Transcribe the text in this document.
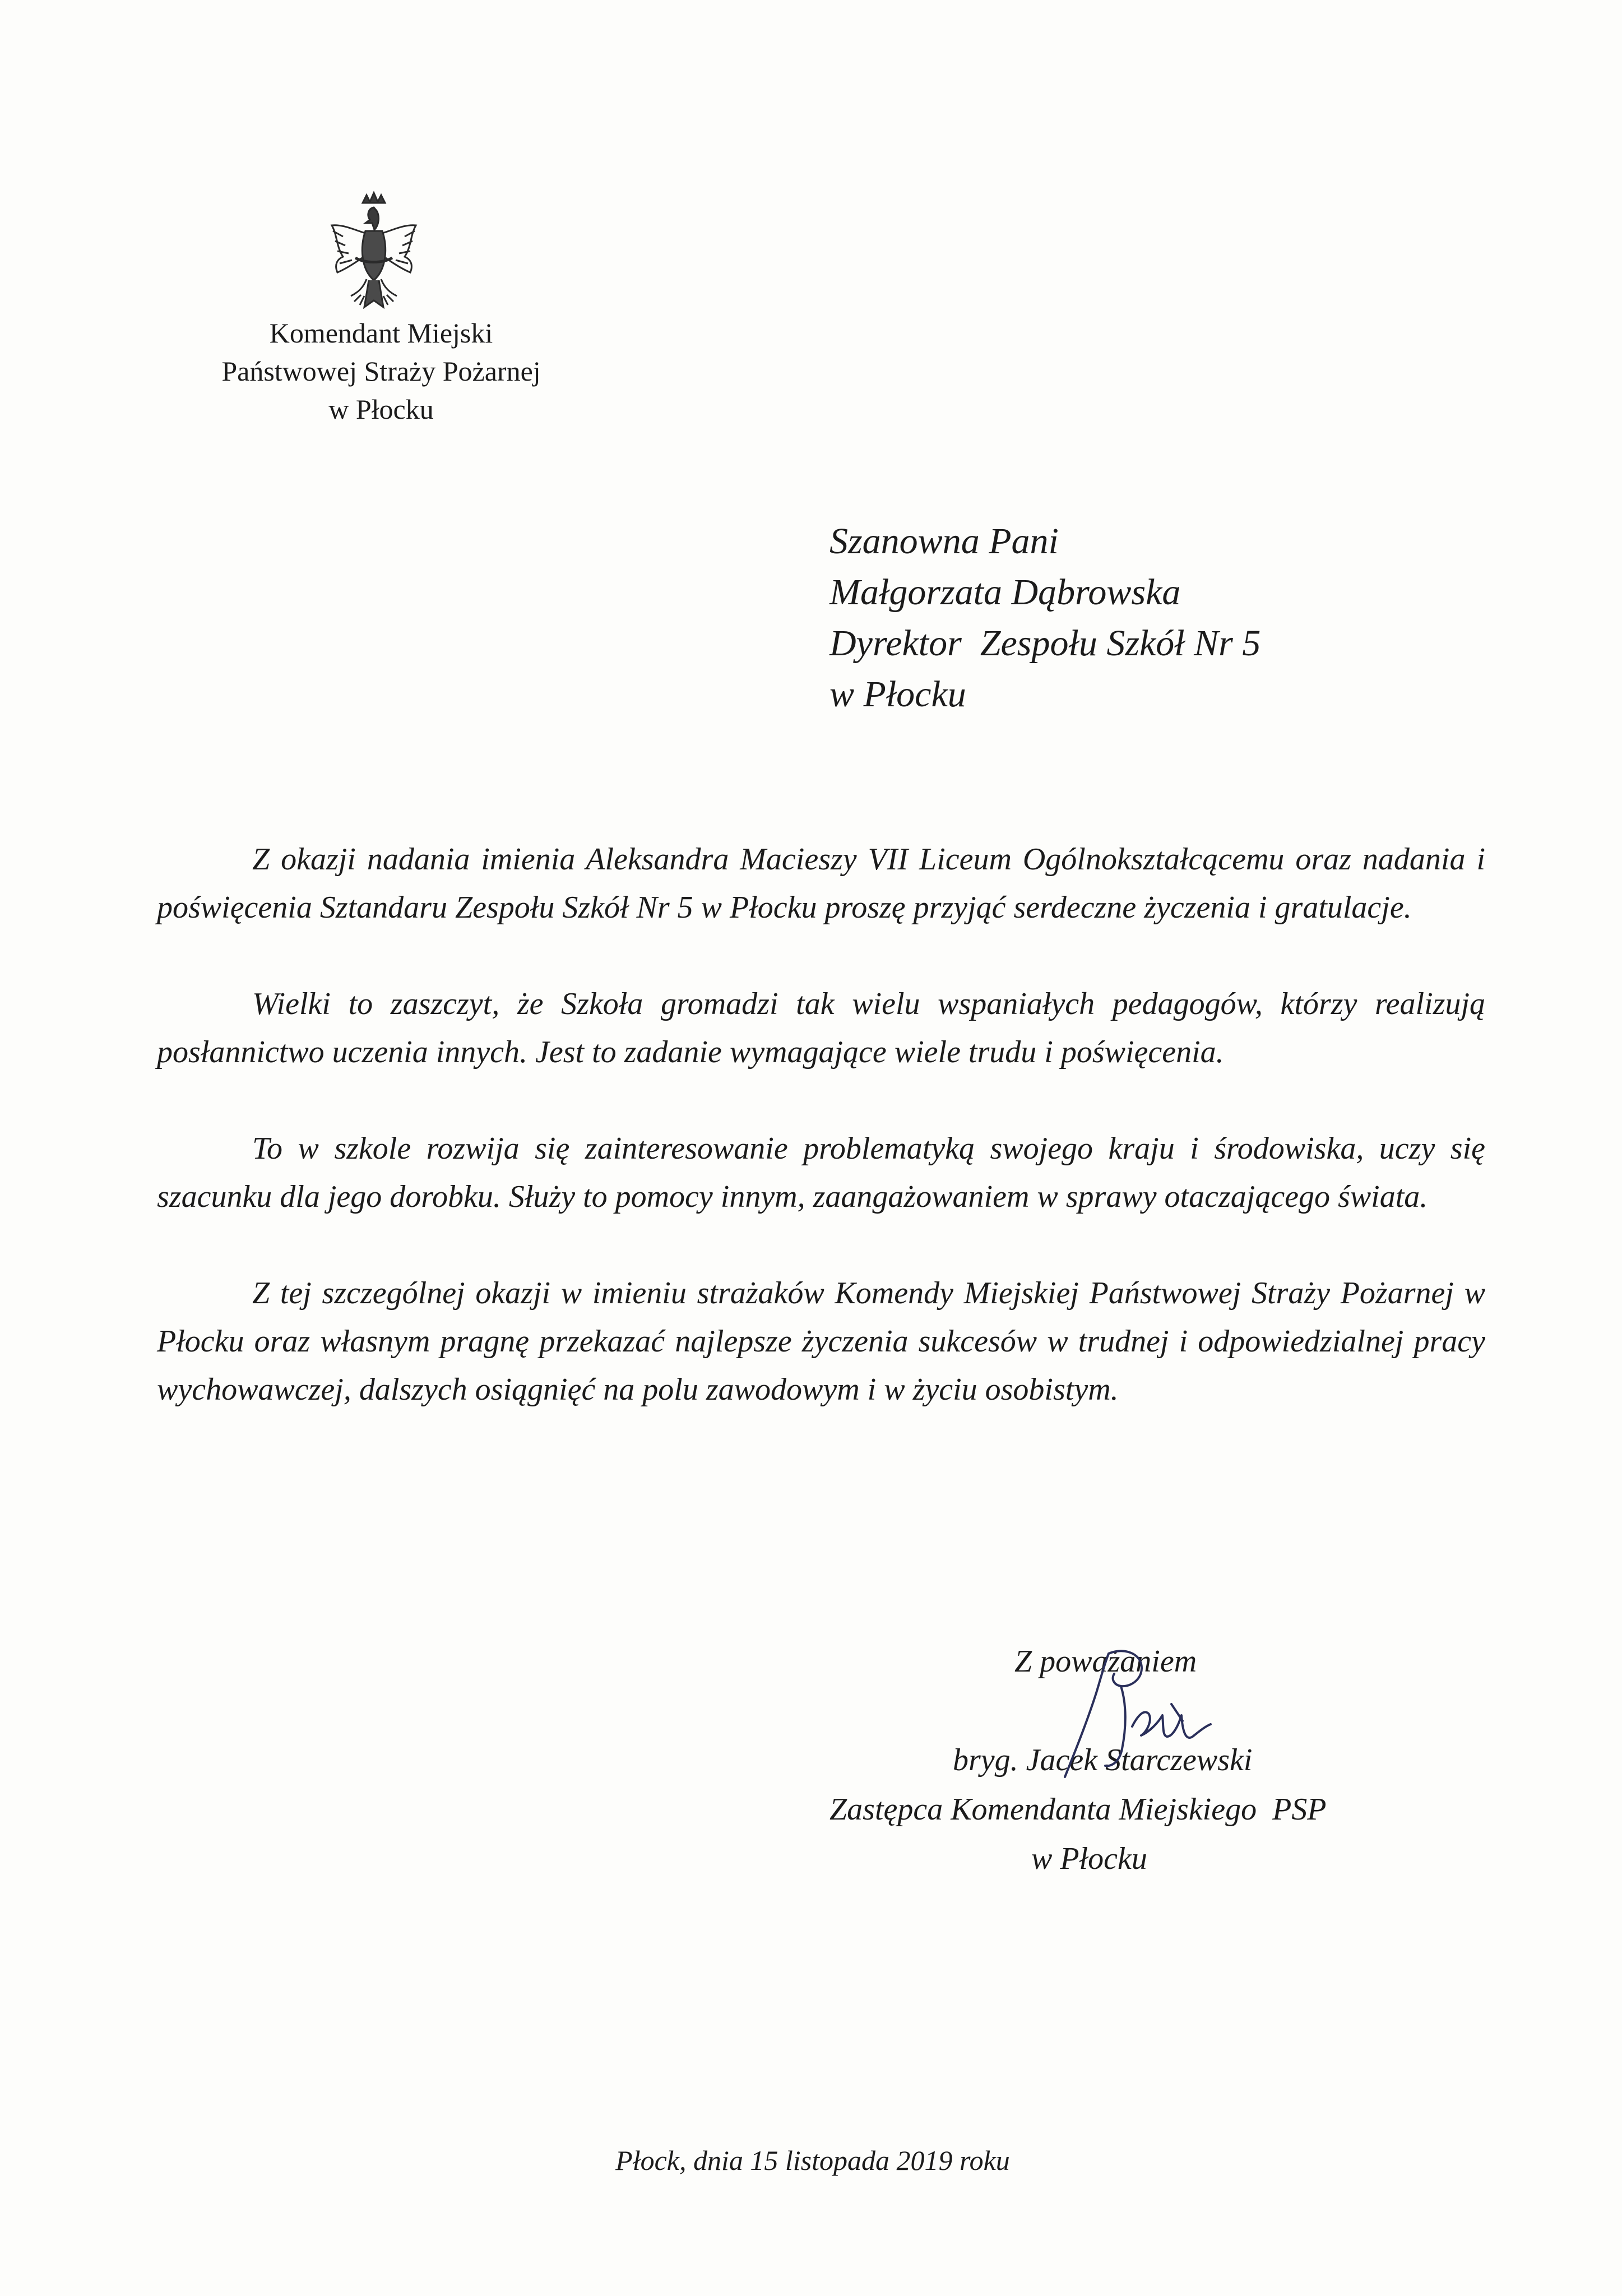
Komendant Miejski
Państwowej Straży Pożarnej
w Płocku
Szanowna Pani
Małgorzata Dąbrowska
Dyrektor  Zespołu Szkół Nr 5
w Płocku

Z okazji nadania imienia Aleksandra Macieszy VII Liceum Ogólnokształcącemu oraz nadania i poświęcenia Sztandaru Zespołu Szkół Nr 5 w Płocku proszę przyjąć serdeczne życzenia i gratulacje.

Wielki to zaszczyt, że Szkoła gromadzi tak wielu wspaniałych pedagogów, którzy realizują posłannictwo uczenia innych. Jest to zadanie wymagające wiele trudu i poświęcenia.

To w szkole rozwija się zainteresowanie problematyką swojego kraju i środowiska, uczy się szacunku dla jego dorobku. Służy to pomocy innym, zaangażowaniem w sprawy otaczającego świata.

Z tej szczególnej okazji w imieniu strażaków Komendy Miejskiej Państwowej Straży Pożarnej w Płocku oraz własnym pragnę przekazać najlepsze życzenia sukcesów w trudnej i odpowiedzialnej pracy wychowawczej, dalszych osiągnięć na polu zawodowym i w życiu osobistym.

Z poważaniem
bryg. Jacek Starczewski
Zastępca Komendanta Miejskiego  PSP
w Płocku
Płock, dnia 15 listopada 2019 roku
